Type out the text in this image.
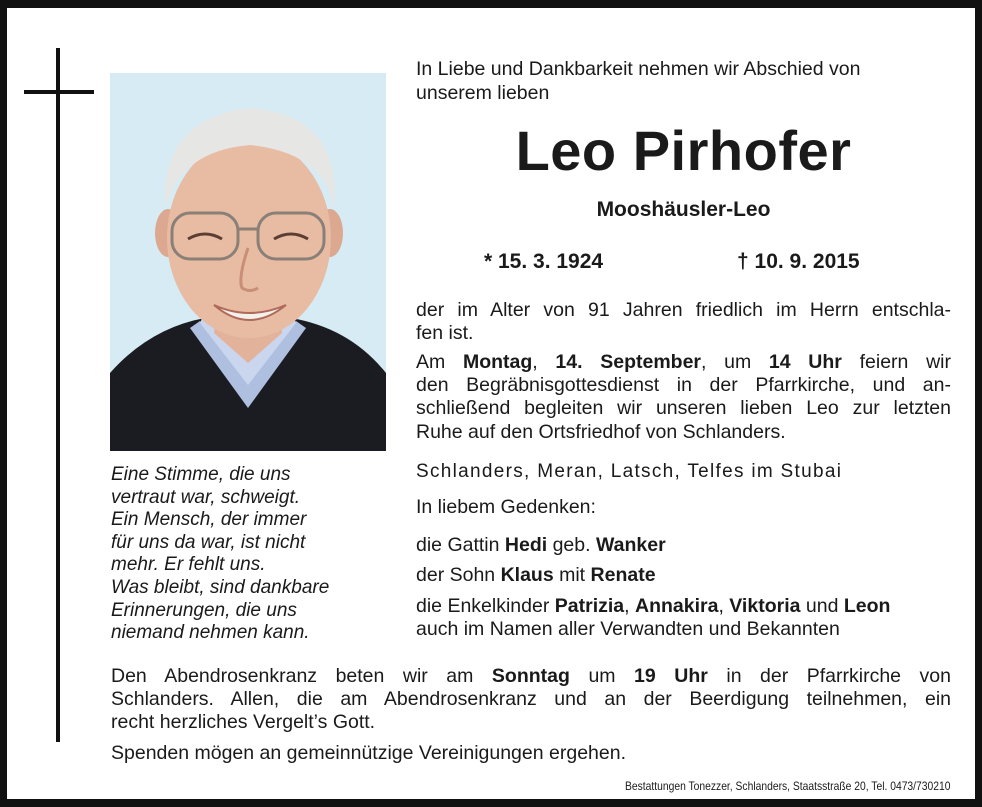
Eine Stimme, die uns
vertraut war, schweigt.
Ein Mensch, der immer
für uns da war, ist nicht
mehr. Er fehlt uns.
Was bleibt, sind dankbare
Erinnerungen, die uns
niemand nehmen kann.
In Liebe und Dankbarkeit nehmen wir Abschied von
unserem lieben
Leo Pirhofer
Mooshäusler-Leo
* 15. 3. 1924	† 10. 9. 2015
der im Alter von 91 Jahren friedlich im Herrn entschla-
fen ist.
Am Montag, 14. September, um 14 Uhr feiern wir
den Begräbnisgottesdienst in der Pfarrkirche, und an-
schließend begleiten wir unseren lieben Leo zur letzten
Ruhe auf den Ortsfriedhof von Schlanders.
Schlanders, Meran, Latsch, Telfes im Stubai
In liebem Gedenken:
die Gattin Hedi geb. Wanker
der Sohn Klaus mit Renate
die Enkelkinder Patrizia, Annakira, Viktoria und Leon
auch im Namen aller Verwandten und Bekannten
Den Abendrosenkranz beten wir am Sonntag um 19 Uhr in der Pfarrkirche von
Schlanders. Allen, die am Abendrosenkranz und an der Beerdigung teilnehmen, ein
recht herzliches Vergelt’s Gott.
Spenden mögen an gemeinnützige Vereinigungen ergehen.
Bestattungen Tonezzer, Schlanders, Staatsstraße 20, Tel. 0473/730210
